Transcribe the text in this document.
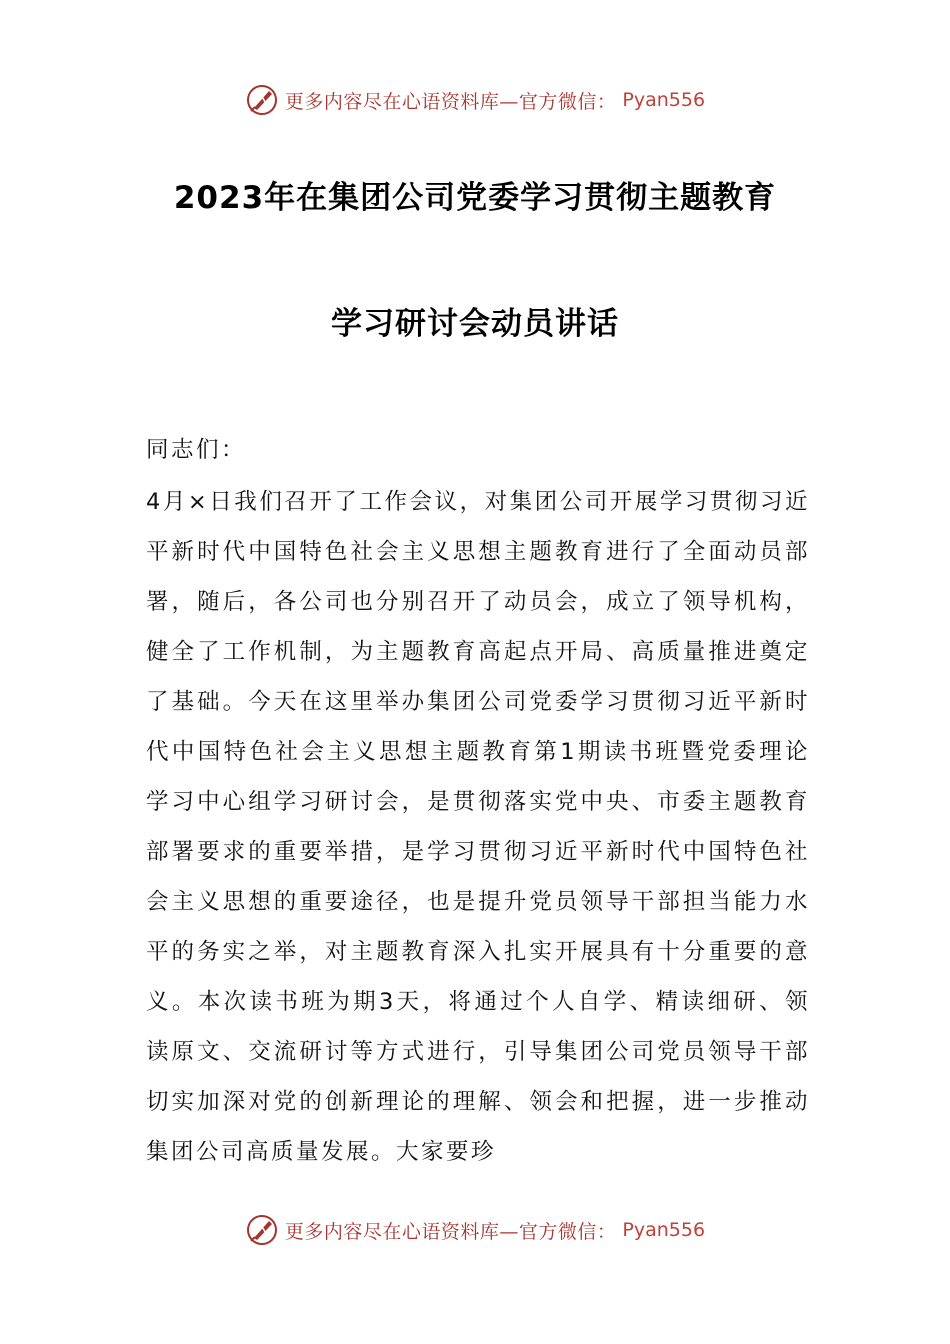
更多内容尽在心语资料库—官方微信： Pyan556
2023年在集团公司党委学习贯彻主题教育
学习研讨会动员讲话
同志们：
4月×日我们召开了工作会议，对集团公司开展学习贯彻习近平新时代中国特色社会主义思想主题教育进行了全面动员部署，随后，各公司也分别召开了动员会，成立了领导机构，健全了工作机制，为主题教育高起点开局、高质量推进奠定了基础。今天在这里举办集团公司党委学习贯彻习近平新时代中国特色社会主义思想主题教育第1期读书班暨党委理论学习中心组学习研讨会，是贯彻落实党中央、市委主题教育部署要求的重要举措，是学习贯彻习近平新时代中国特色社会主义思想的重要途径，也是提升党员领导干部担当能力水平的务实之举，对主题教育深入扎实开展具有十分重要的意义。本次读书班为期3天，将通过个人自学、精读细研、领读原文、交流研讨等方式进行，引导集团公司党员领导干部切实加深对党的创新理论的理解、领会和把握，进一步推动集团公司高质量发展。大家要珍
更多内容尽在心语资料库—官方微信： Pyan556
